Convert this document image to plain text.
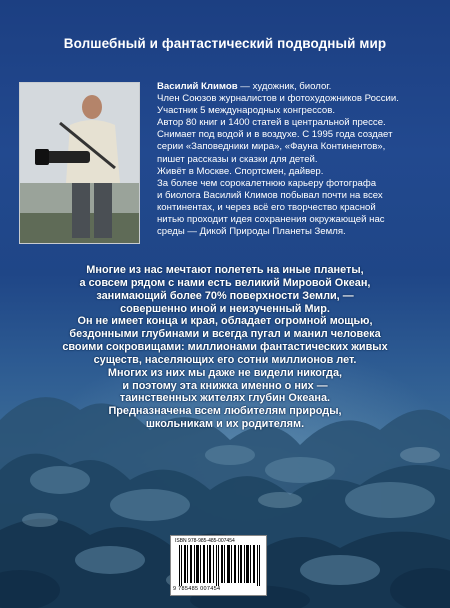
Волшебный и фантастический подводный мир
Василий Климов — художник, биолог.
Член Союзов журналистов и фотохудожников России.
Участник 5 международных конгрессов.
Автор 80 книг и 1400 статей в центральной прессе.
Снимает под водой и в воздухе. С 1995 года создает
серии «Заповедники мира», «Фауна Континентов»,
пишет рассказы и сказки для детей.
Живёт в Москве. Спортсмен, дайвер.
За более чем сорокалетнюю карьеру фотографа
и биолога Василий Климов побывал почти на всех
континентах, и через всё его творчество красной
нитью проходит идея сохранения окружающей нас
среды — Дикой Природы Планеты Земля.
Многие из нас мечтают полететь на иные планеты,
а совсем рядом с нами есть великий Мировой Океан,
занимающий более 70% поверхности Земли, —
совершенно иной и неизученный Мир.
Он не имеет конца и края, обладает огромной мощью,
бездонными глубинами и всегда пугал и манил человека
своими сокровищами: миллионами фантастических живых
существ, населяющих его сотни миллионов лет.
Многих из них мы даже не видели никогда,
и поэтому эта книжка именно о них —
таинственных жителях глубин Океана.
Предназначена всем любителям природы,
школьникам и их родителям.
ISBN 978-985-485-007454
9 785485 007454
